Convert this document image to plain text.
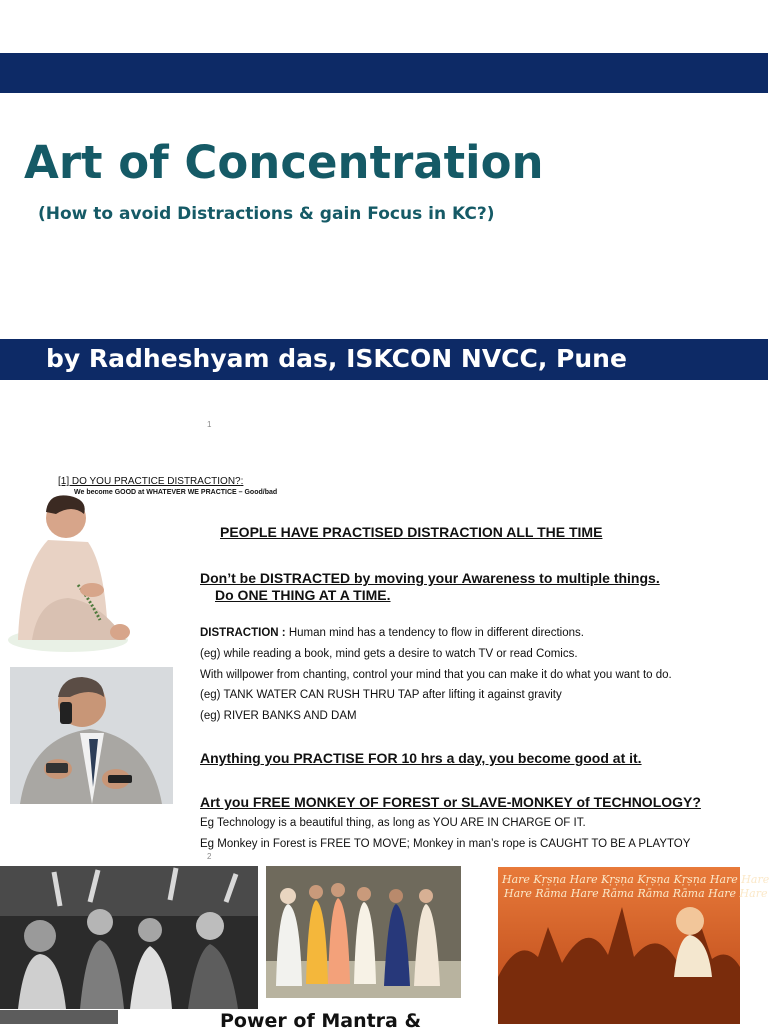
Art of Concentration
(How to avoid Distractions & gain Focus in KC?)
by Radheshyam das, ISKCON NVCC, Pune
1
[1] DO YOU PRACTICE DISTRACTION?:
We become GOOD at WHATEVER WE PRACTICE – Good/bad
PEOPLE HAVE PRACTISED DISTRACTION ALL THE TIME
Don’t be DISTRACTED by moving your Awareness to multiple things.
Do ONE THING AT A TIME.
DISTRACTION : Human mind has a tendency to flow in different directions.
(eg) while reading a book, mind gets a desire to watch TV or read Comics.
With willpower from chanting, control your mind that you can make it do what you want to do.
(eg) TANK WATER CAN RUSH THRU TAP after lifting it against gravity
(eg) RIVER BANKS AND DAM
Anything you PRACTISE FOR 10 hrs a day, you become good at it.
Art you FREE MONKEY OF FOREST or SLAVE-MONKEY of TECHNOLOGY?
Eg Technology is a beautiful thing, as long as YOU ARE IN CHARGE OF IT.
Eg Monkey in Forest is FREE TO MOVE; Monkey in man’s rope is CAUGHT TO BE A PLAYTOY
2
Hare Kṛṣṇa Hare Kṛṣṇa Kṛṣṇa Kṛṣṇa Hare Hare
Hare Rāma Hare Rāma Rāma Rāma Hare Hare
Power of Mantra &
